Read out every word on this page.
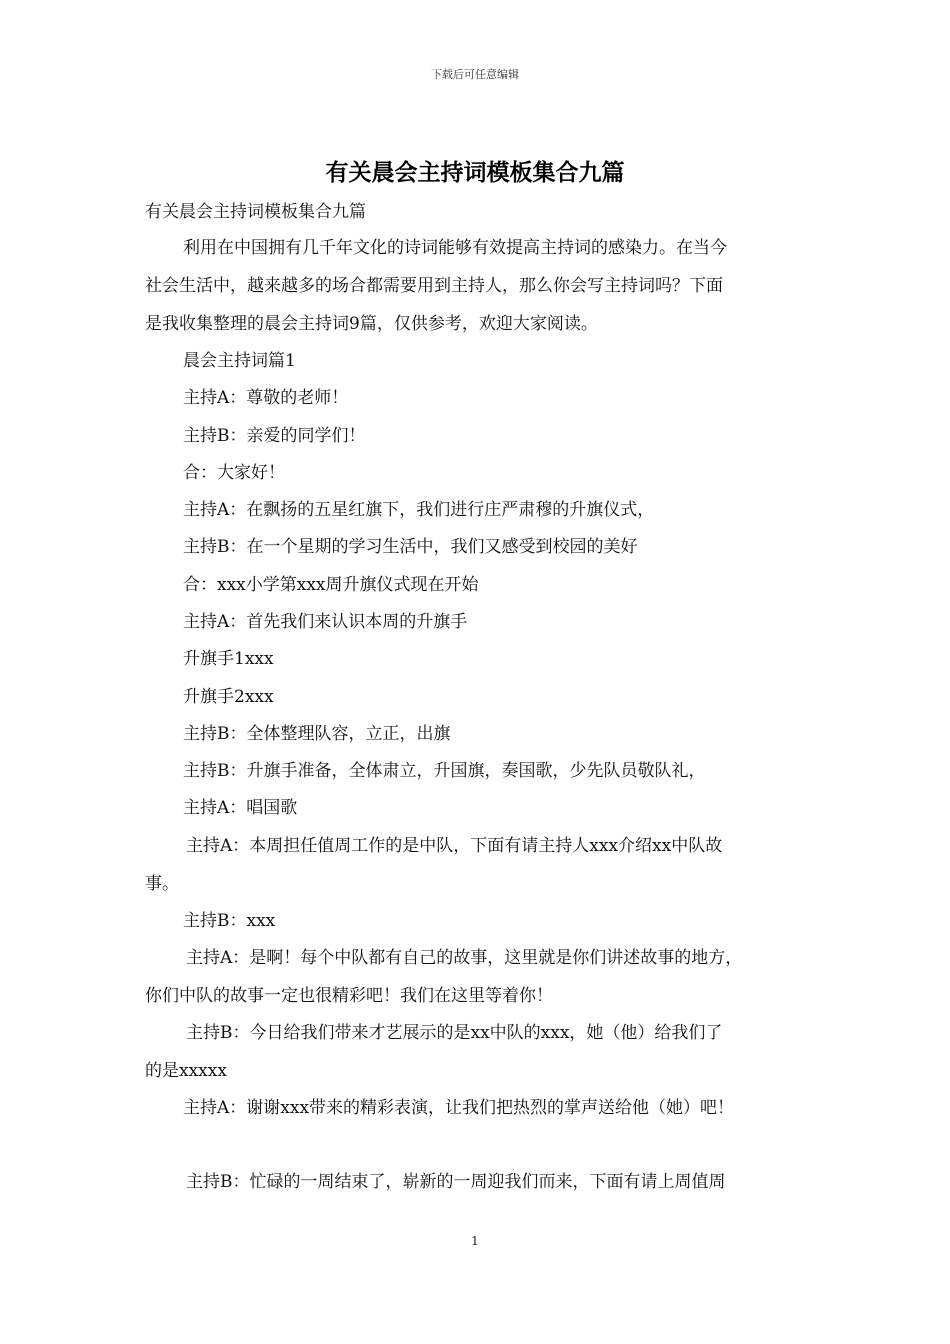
下载后可任意编辑
有关晨会主持词模板集合九篇
有关晨会主持词模板集合九篇
利用在中国拥有几千年文化的诗词能够有效提高主持词的感染力。在当今
社会生活中，越来越多的场合都需要用到主持人，那么你会写主持词吗？下面
是我收集整理的晨会主持词9篇，仅供参考，欢迎大家阅读。
晨会主持词篇1
主持A：尊敬的老师！
主持B：亲爱的同学们！
合：大家好！
主持A：在飘扬的五星红旗下，我们进行庄严肃穆的升旗仪式，
主持B：在一个星期的学习生活中，我们又感受到校园的美好
合：xxx小学第xxx周升旗仪式现在开始
主持A：首先我们来认识本周的升旗手
升旗手1xxx
升旗手2xxx
主持B：全体整理队容，立正，出旗
主持B：升旗手准备，全体肃立，升国旗，奏国歌，少先队员敬队礼，
主持A：唱国歌
主持A：本周担任值周工作的是中队，下面有请主持人xxx介绍xx中队故
事。
主持B：xxx
主持A：是啊！每个中队都有自己的故事，这里就是你们讲述故事的地方，
你们中队的故事一定也很精彩吧！我们在这里等着你！
主持B：今日给我们带来才艺展示的是xx中队的xxx，她（他）给我们了
的是xxxxx
主持A：谢谢xxx带来的精彩表演，让我们把热烈的掌声送给他（她）吧！
主持B：忙碌的一周结束了，崭新的一周迎我们而来，下面有请上周值周
1
